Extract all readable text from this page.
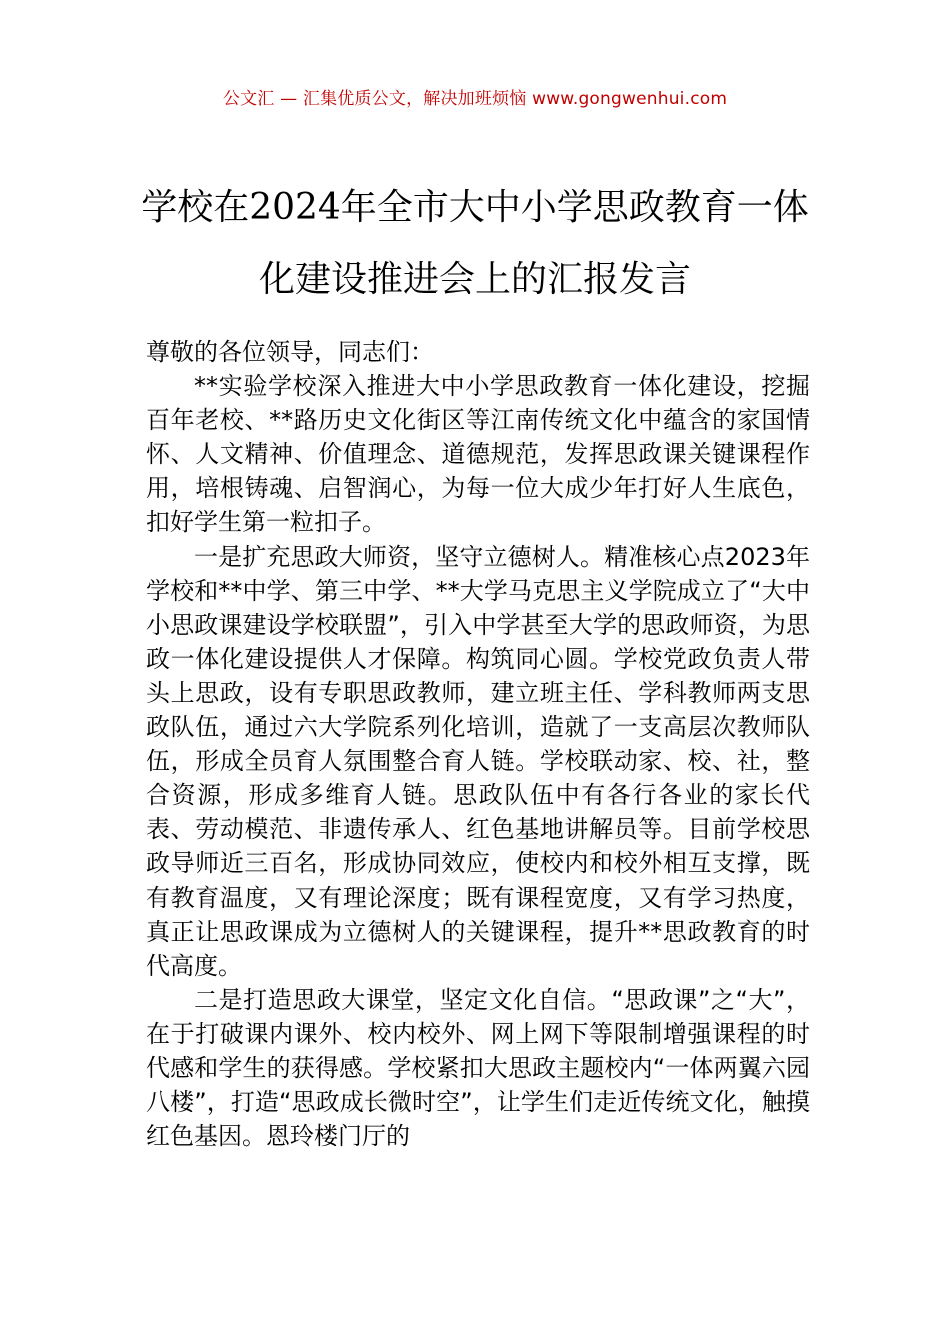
公文汇 — 汇集优质公文，解决加班烦恼 www.gongwenhui.com
学校在2024年全市大中小学思政教育一体
化建设推进会上的汇报发言

尊敬的各位领导，同志们：

**实验学校深入推进大中小学思政教育一体化建设，挖掘百年老校、**路历史文化街区等江南传统文化中蕴含的家国情怀、人文精神、价值理念、道德规范，发挥思政课关键课程作用，培根铸魂、启智润心，为每一位大成少年打好人生底色，扣好学生第一粒扣子。

一是扩充思政大师资，坚守立德树人。精准核心点2023年学校和**中学、第三中学、**大学马克思主义学院成立了“大中小思政课建设学校联盟”，引入中学甚至大学的思政师资，为思政一体化建设提供人才保障。构筑同心圆。学校党政负责人带头上思政，设有专职思政教师，建立班主任、学科教师两支思政队伍，通过六大学院系列化培训，造就了一支高层次教师队伍，形成全员育人氛围整合育人链。学校联动家、校、社，整合资源，形成多维育人链。思政队伍中有各行各业的家长代表、劳动模范、非遗传承人、红色基地讲解员等。目前学校思政导师近三百名，形成协同效应，使校内和校外相互支撑，既有教育温度，又有理论深度；既有课程宽度，又有学习热度，真正让思政课成为立德树人的关键课程，提升**思政教育的时代高度。

二是打造思政大课堂，坚定文化自信。“思政课”之“大”，在于打破课内课外、校内校外、网上网下等限制增强课程的时代感和学生的获得感。学校紧扣大思政主题校内“一体两翼六园八楼”，打造“思政成长微时空”，让学生们走近传统文化，触摸红色基因。恩玲楼门厅的
